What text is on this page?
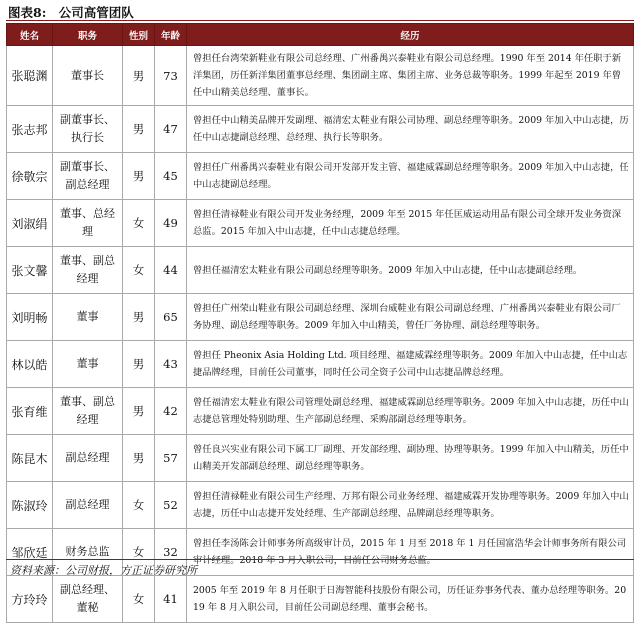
图表8:　公司高管团队
姓名	职务	性别	年龄	经历
张聪渊	董事长	男	73	曾担任台湾荣新鞋业有限公司总经理、广州番禺兴泰鞋业有限公司总经理。1990 年至 2014 年任职于新洋集团，历任新洋集团董事总经理、集团副主席、集团主席、业务总裁等职务。1999 年起至 2019 年曾任中山精美总经理、董事长。
张志邦	副董事长、执行长	男	47	曾担任中山精美品牌开发副理、福清宏太鞋业有限公司协理、副总经理等职务。2009 年加入中山志捷，历任中山志捷副总经理、总经理、执行长等职务。
徐敬宗	副董事长、副总经理	男	45	曾担任广州番禺兴泰鞋业有限公司开发部开发主管、福建威霖副总经理等职务。2009 年加入中山志捷，任中山志捷副总经理。
刘淑绢	董事、总经理	女	49	曾担任清禄鞋业有限公司开发业务经理，2009 年至 2015 年任匡威运动用品有限公司全球开发业务资深总监。2015 年加入中山志捷，任中山志捷总经理。
张文馨	董事、副总经理	女	44	曾担任福清宏太鞋业有限公司副总经理等职务。2009 年加入中山志捷，任中山志捷副总经理。
刘明畅	董事	男	65	曾担任广州荣山鞋业有限公司副总经理、深圳台威鞋业有限公司副总经理、广州番禺兴泰鞋业有限公司厂务协理、副总经理等职务。2009 年加入中山精美，曾任厂务协理、副总经理等职务。
林以皓	董事	男	43	曾担任 Pheonix Asia Holding Ltd. 项目经理、福建威霖经理等职务。2009 年加入中山志捷，任中山志捷品牌经理，目前任公司董事，同时任公司全资子公司中山志捷品牌总经理。
张育维	董事、副总经理	男	42	曾任福清宏太鞋业有限公司管理处副总经理、福建威霖副总经理等职务。2009 年加入中山志捷，历任中山志捷总管理处特别助理、生产部副总经理、采购部副总经理等职务。
陈昆木	副总经理	男	57	曾任良兴实业有限公司下属工厂副理、开发部经理、副协理、协理等职务。1999 年加入中山精美，历任中山精美开发部副总经理、副总经理等职务。
陈淑玲	副总经理	女	52	曾担任清禄鞋业有限公司生产经理、万邦有限公司业务经理、福建威霖开发协理等职务。2009 年加入中山志捷，历任中山志捷开发处经理、生产部副总经理、品牌副总经理等职务。
邹欣廷	财务总监	女	32	曾担任李汤陈会计师事务所高级审计员，2015 年 1 月至 2018 年 1 月任国富浩华会计师事务所有限公司审计经理。2018 年 3 月入职公司，目前任公司财务总监。
方玲玲	副总经理、董秘	女	41	2005 年至 2019 年 8 月任职于日海智能科技股份有限公司，历任证券事务代表、董办总经理等职务。2019 年 8 月入职公司，目前任公司副总经理、董事会秘书。
资料来源：公司财报，方正证券研究所
